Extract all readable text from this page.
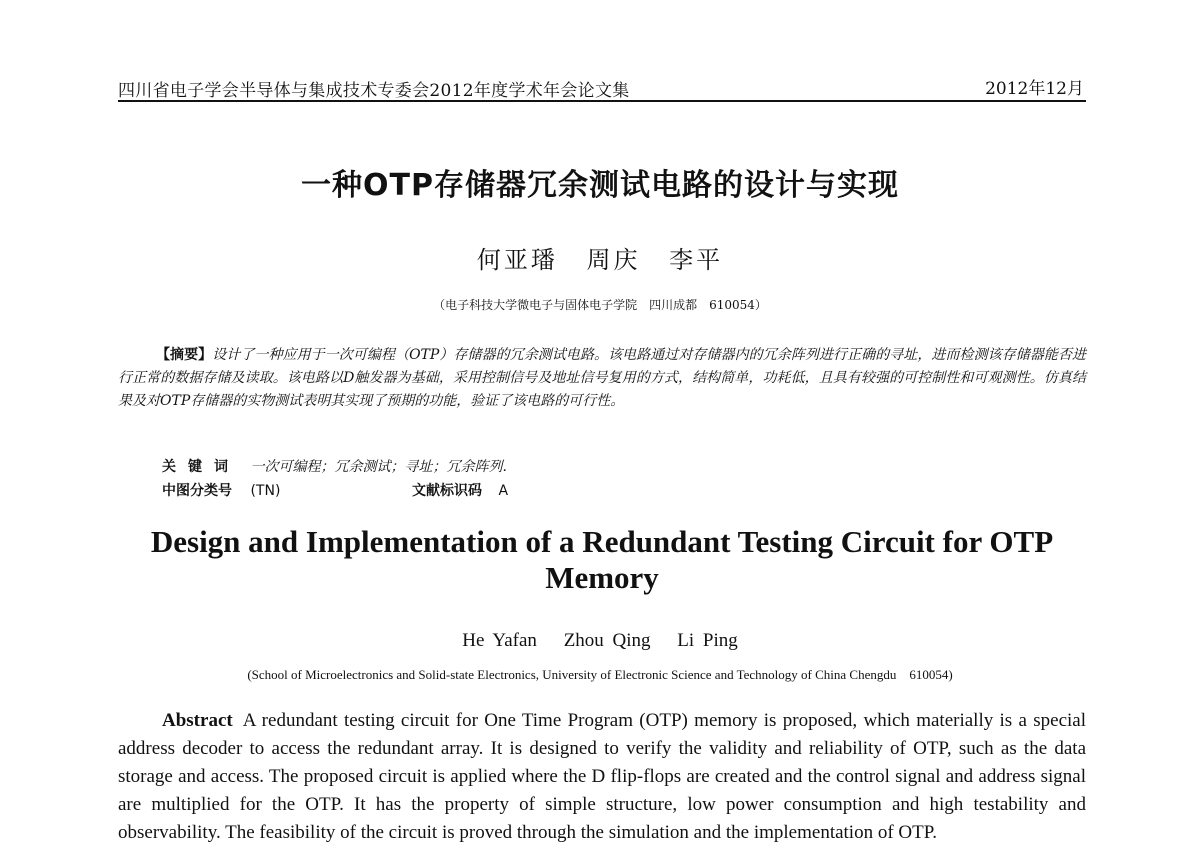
四川省电子学会半导体与集成技术专委会2012年度学术年会论文集	2012年12月
一种OTP存储器冗余测试电路的设计与实现
何亚璠 周庆 李平
（电子科技大学微电子与固体电子学院　四川成都　610054）
【摘要】设计了一种应用于一次可编程（OTP）存储器的冗余测试电路。该电路通过对存储器内的冗余阵列进行正确的寻址，进而检测该存储器能否进行正常的数据存储及读取。该电路以D触发器为基础，采用控制信号及地址信号复用的方式，结构简单，功耗低，且具有较强的可控制性和可观测性。仿真结果及对OTP存储器的实物测试表明其实现了预期的功能，验证了该电路的可行性。
关键词 一次可编程；冗余测试；寻址；冗余阵列.
中图分类号 (TN)	文献标识码 A
Design and Implementation of a Redundant Testing Circuit for OTP Memory
He Yafan Zhou Qing Li Ping
(School of Microelectronics and Solid-state Electronics, University of Electronic Science and Technology of China Chengdu　610054)
Abstract A redundant testing circuit for One Time Program (OTP) memory is proposed, which materially is a special address decoder to access the redundant array. It is designed to verify the validity and reliability of OTP, such as the data storage and access. The proposed circuit is applied where the D flip-flops are created and the control signal and address signal are multiplied for the OTP. It has the property of simple structure, low power consumption and high testability and observability. The feasibility of the circuit is proved through the simulation and the implementation of OTP.
